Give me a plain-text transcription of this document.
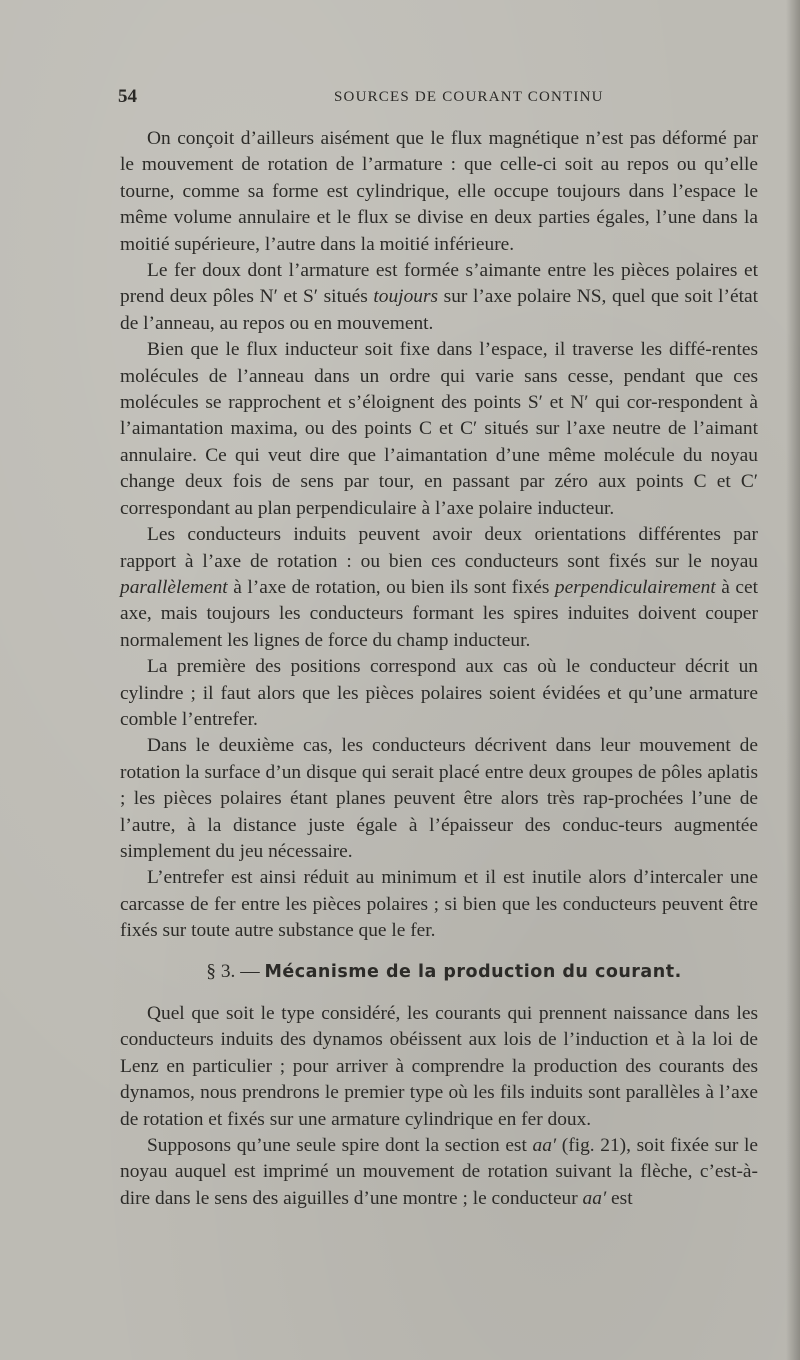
54	SOURCES DE COURANT CONTINU

On conçoit d’ailleurs aisément que le flux magnétique n’est pas déformé par le mouvement de rotation de l’armature : que celle-ci soit au repos ou qu’elle tourne, comme sa forme est cylindrique, elle occupe toujours dans l’espace le même volume annulaire et le flux se divise en deux parties égales, l’une dans la moitié supérieure, l’autre dans la moitié inférieure.

Le fer doux dont l’armature est formée s’aimante entre les pièces polaires et prend deux pôles N′ et S′ situés toujours sur l’axe polaire NS, quel que soit l’état de l’anneau, au repos ou en mouvement.

Bien que le flux inducteur soit fixe dans l’espace, il traverse les diffé-rentes molécules de l’anneau dans un ordre qui varie sans cesse, pendant que ces molécules se rapprochent et s’éloignent des points S′ et N′ qui cor-respondent à l’aimantation maxima, ou des points C et C′ situés sur l’axe neutre de l’aimant annulaire. Ce qui veut dire que l’aimantation d’une même molécule du noyau change deux fois de sens par tour, en passant par zéro aux points C et C′ correspondant au plan perpendiculaire à l’axe polaire inducteur.

Les conducteurs induits peuvent avoir deux orientations différentes par rapport à l’axe de rotation : ou bien ces conducteurs sont fixés sur le noyau parallèlement à l’axe de rotation, ou bien ils sont fixés perpendiculairement à cet axe, mais toujours les conducteurs formant les spires induites doivent couper normalement les lignes de force du champ inducteur.

La première des positions correspond aux cas où le conducteur décrit un cylindre ; il faut alors que les pièces polaires soient évidées et qu’une armature comble l’entrefer.

Dans le deuxième cas, les conducteurs décrivent dans leur mouvement de rotation la surface d’un disque qui serait placé entre deux groupes de pôles aplatis ; les pièces polaires étant planes peuvent être alors très rap-prochées l’une de l’autre, à la distance juste égale à l’épaisseur des conduc-teurs augmentée simplement du jeu nécessaire.

L’entrefer est ainsi réduit au minimum et il est inutile alors d’intercaler une carcasse de fer entre les pièces polaires ; si bien que les conducteurs peuvent être fixés sur toute autre substance que le fer.

§ 3. — Mécanisme de la production du courant.

Quel que soit le type considéré, les courants qui prennent naissance dans les conducteurs induits des dynamos obéissent aux lois de l’induction et à la loi de Lenz en particulier ; pour arriver à comprendre la production des courants des dynamos, nous prendrons le premier type où les fils induits sont parallèles à l’axe de rotation et fixés sur une armature cylindrique en fer doux.

Supposons qu’une seule spire dont la section est aa′ (fig. 21), soit fixée sur le noyau auquel est imprimé un mouvement de rotation suivant la flèche, c’est-à-dire dans le sens des aiguilles d’une montre ; le conducteur aa′ est
